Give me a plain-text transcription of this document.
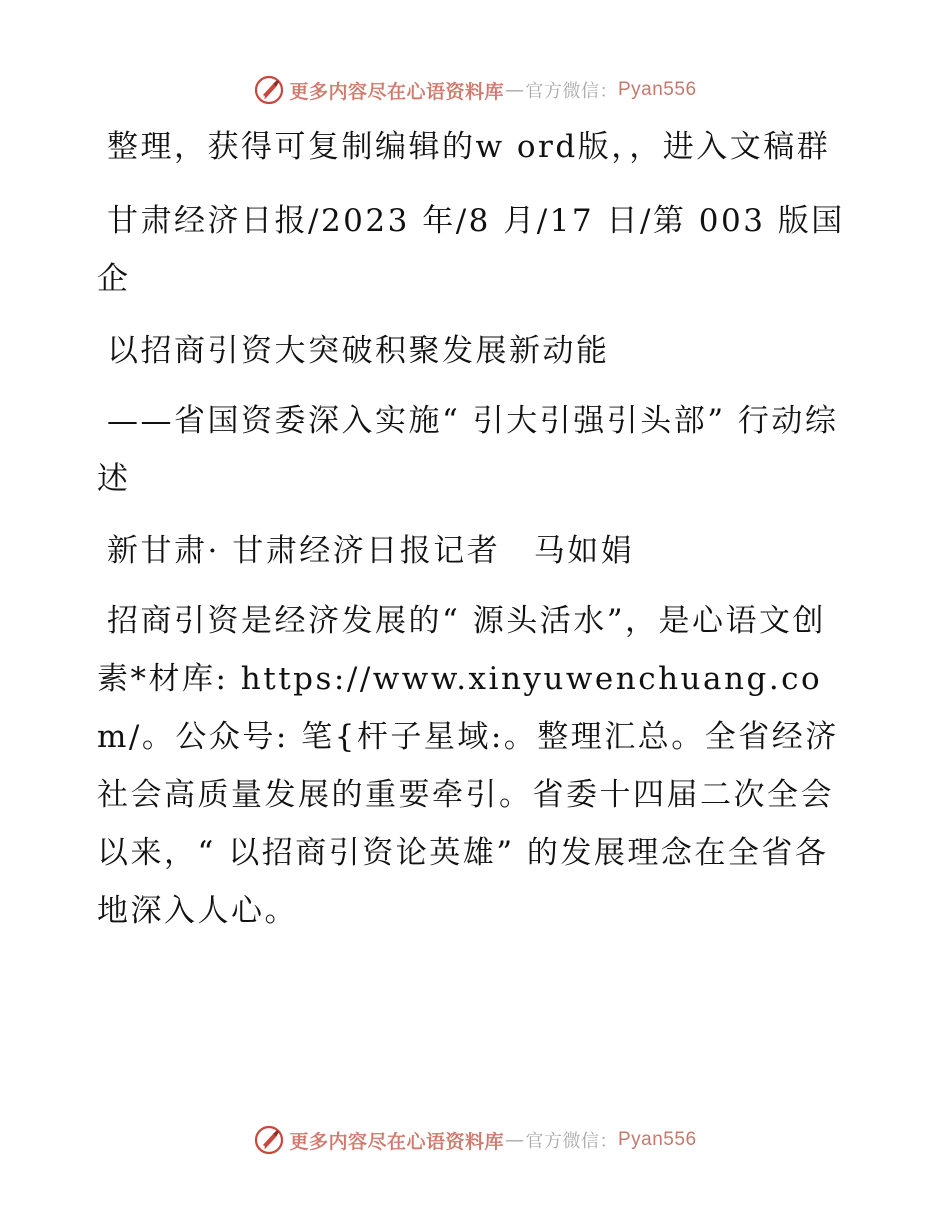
更多内容尽在心语资料库 — 官方微信： Pyan556

整理，获得可复制编辑的w ord版，，进入文稿群

甘肃经济日报/2023 年/8 月/17 日/第 003 版国企

以招商引资大突破积聚发展新动能

——省国资委深入实施“ 引大引强引头部” 行动综述

新甘肃· 甘肃经济日报记者　马如娟

招商引资是经济发展的“ 源头活水”，是心语文创素*材库: https://www.xinyuwenchuang.com/。公众号: 笔{杆子星域:。整理汇总。全省经济社会高质量发展的重要牵引。省委十四届二次全会以来，“ 以招商引资论英雄” 的发展理念在全省各地深入人心。

更多内容尽在心语资料库 — 官方微信： Pyan556
